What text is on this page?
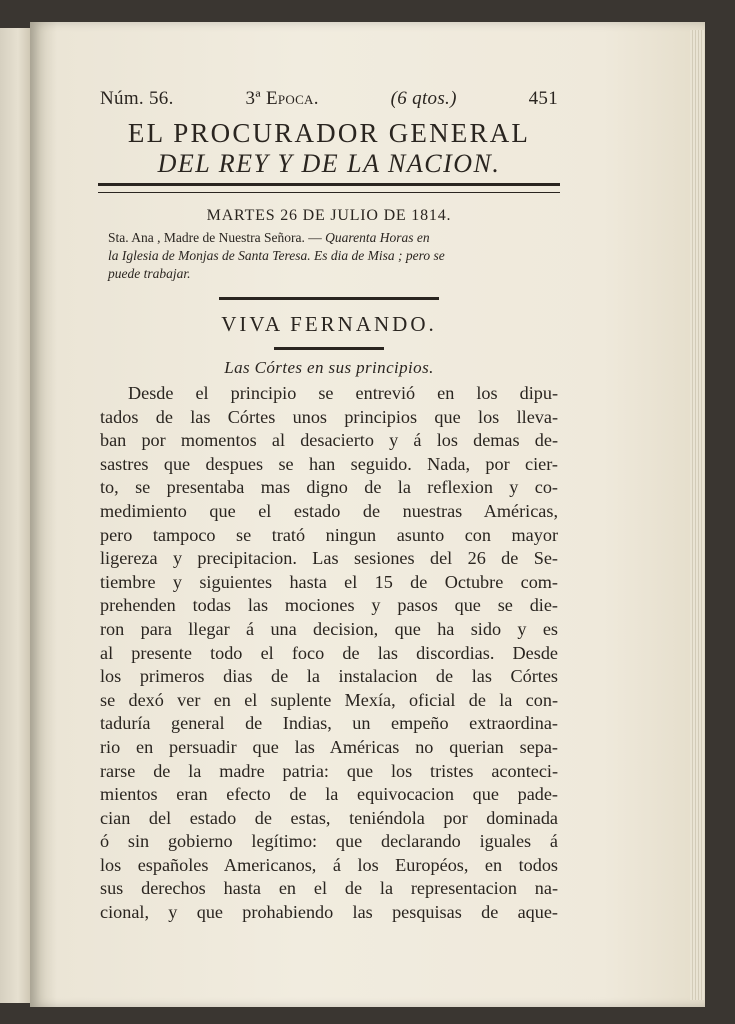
Núm. 56.	3ª Epoca.	(6 qtos.)	451
EL PROCURADOR GENERAL
DEL REY Y DE LA NACION.
MARTES 26 DE JULIO DE 1814.
Sta. Ana , Madre de Nuestra Señora. — Quarenta Horas en
la Iglesia de Monjas de Santa Teresa. Es dia de Misa ; pero se
puede trabajar.
VIVA FERNANDO.
Las Córtes en sus principios.
Desde el principio se entrevió en los dipu-
tados de las Córtes unos principios que los lleva-
ban por momentos al desacierto y á los demas de-
sastres que despues se han seguido. Nada, por cier-
to, se presentaba mas digno de la reflexion y co-
medimiento que el estado de nuestras Américas,
pero tampoco se trató ningun asunto con mayor
ligereza y precipitacion. Las sesiones del 26 de Se-
tiembre y siguientes hasta el 15 de Octubre com-
prehenden todas las mociones y pasos que se die-
ron para llegar á una decision, que ha sido y es
al presente todo el foco de las discordias. Desde
los primeros dias de la instalacion de las Córtes
se dexó ver en el suplente Mexía, oficial de la con-
taduría general de Indias, un empeño extraordina-
rio en persuadir que las Américas no querian sepa-
rarse de la madre patria: que los tristes aconteci-
mientos eran efecto de la equivocacion que pade-
cian del estado de estas, teniéndola por dominada
ó sin gobierno legítimo: que declarando iguales á
los españoles Americanos, á los Européos, en todos
sus derechos hasta en el de la representacion na-
cional, y que prohabiendo las pesquisas de aque-
